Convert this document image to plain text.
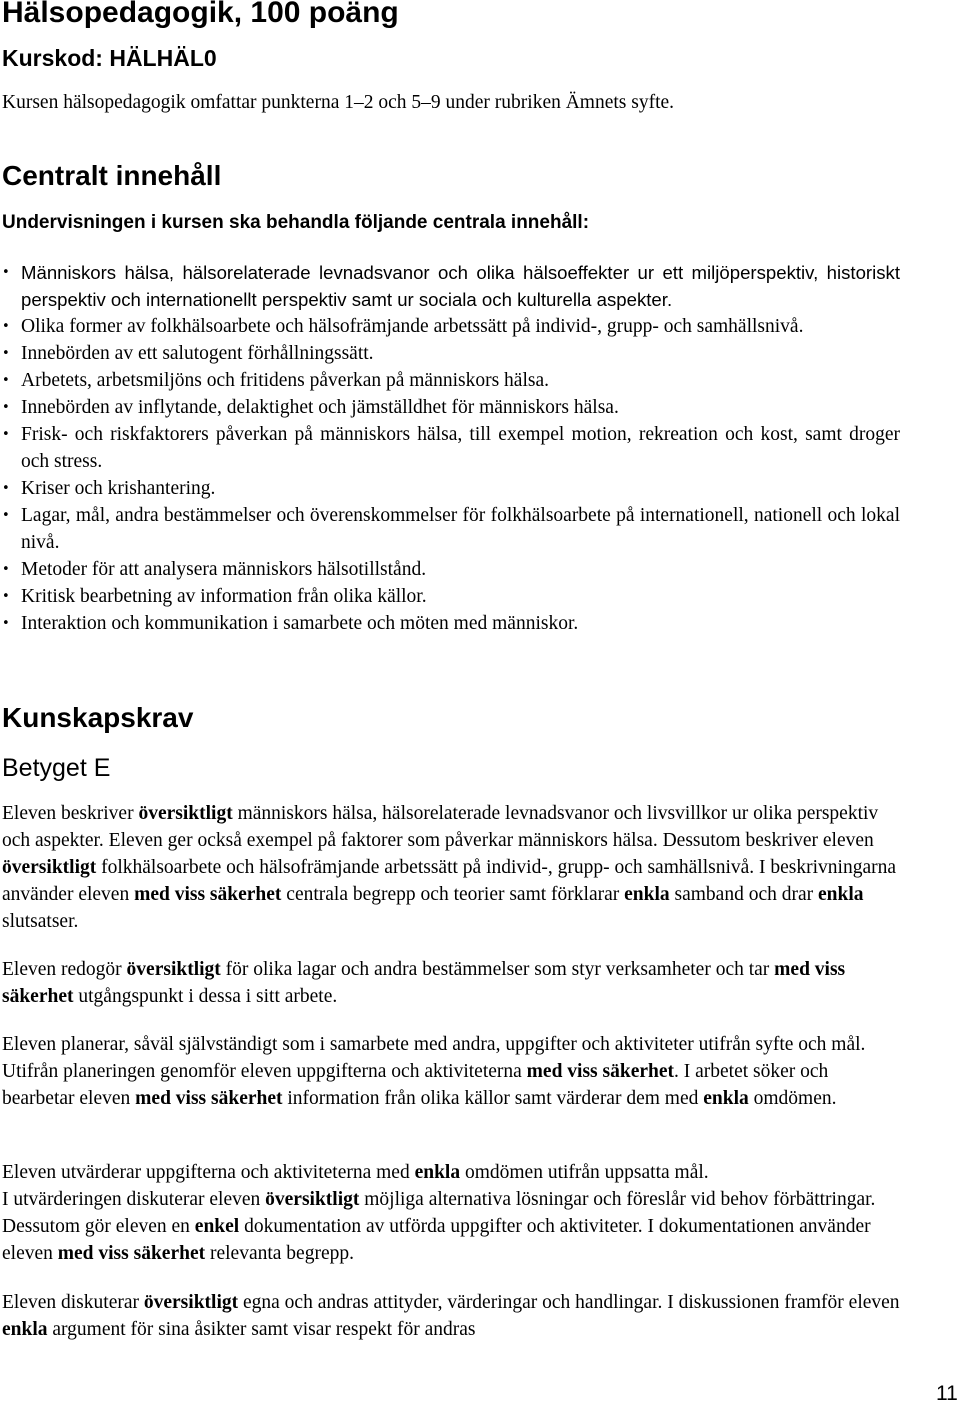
Hälsopedagogik, 100 poäng
Kurskod: HÄLHÄL0

Kursen hälsopedagogik omfattar punkterna 1–2 och 5–9 under rubriken Ämnets syfte.

Centralt innehåll

Undervisningen i kursen ska behandla följande centrala innehåll:

• Människors hälsa, hälsorelaterade levnadsvanor och olika hälsoeffekter ur ett miljöperspektiv, historiskt perspektiv och internationellt perspektiv samt ur sociala och kulturella aspekter.
• Olika former av folkhälsoarbete och hälsofrämjande arbetssätt på individ-, grupp- och samhällsnivå.
• Innebörden av ett salutogent förhållningssätt.
• Arbetets, arbetsmiljöns och fritidens påverkan på människors hälsa.
• Innebörden av inflytande, delaktighet och jämställdhet för människors hälsa.
• Frisk- och riskfaktorers påverkan på människors hälsa, till exempel motion, rekreation och kost, samt droger och stress.
• Kriser och krishantering.
• Lagar, mål, andra bestämmelser och överenskommelser för folkhälsoarbete på internationell, nationell och lokal nivå.
• Metoder för att analysera människors hälsotillstånd.
• Kritisk bearbetning av information från olika källor.
• Interaktion och kommunikation i samarbete och möten med människor.
Kunskapskrav
Betyget E

Eleven beskriver översiktligt människors hälsa, hälsorelaterade levnadsvanor och livsvillkor ur olika perspektiv och aspekter. Eleven ger också exempel på faktorer som påverkar människors hälsa. Dessutom beskriver eleven översiktligt folkhälsoarbete och hälsofrämjande arbetssätt på individ-, grupp- och samhällsnivå. I beskrivningarna använder eleven med viss säkerhet centrala begrepp och teorier samt förklarar enkla samband och drar enkla slutsatser.

Eleven redogör översiktligt för olika lagar och andra bestämmelser som styr verksamheter och tar med viss säkerhet utgångspunkt i dessa i sitt arbete.

Eleven planerar, såväl självständigt som i samarbete med andra, uppgifter och aktiviteter utifrån syfte och mål. Utifrån planeringen genomför eleven uppgifterna och aktiviteterna med viss säkerhet. I arbetet söker och bearbetar eleven med viss säkerhet information från olika källor samt värderar dem med enkla omdömen.

Eleven utvärderar uppgifterna och aktiviteterna med enkla omdömen utifrån uppsatta mål.
I utvärderingen diskuterar eleven översiktligt möjliga alternativa lösningar och föreslår vid behov förbättringar. Dessutom gör eleven en enkel dokumentation av utförda uppgifter och aktiviteter. I dokumentationen använder eleven med viss säkerhet relevanta begrepp.

Eleven diskuterar översiktligt egna och andras attityder, värderingar och handlingar. I diskussionen framför eleven enkla argument för sina åsikter samt visar respekt för andras

11
